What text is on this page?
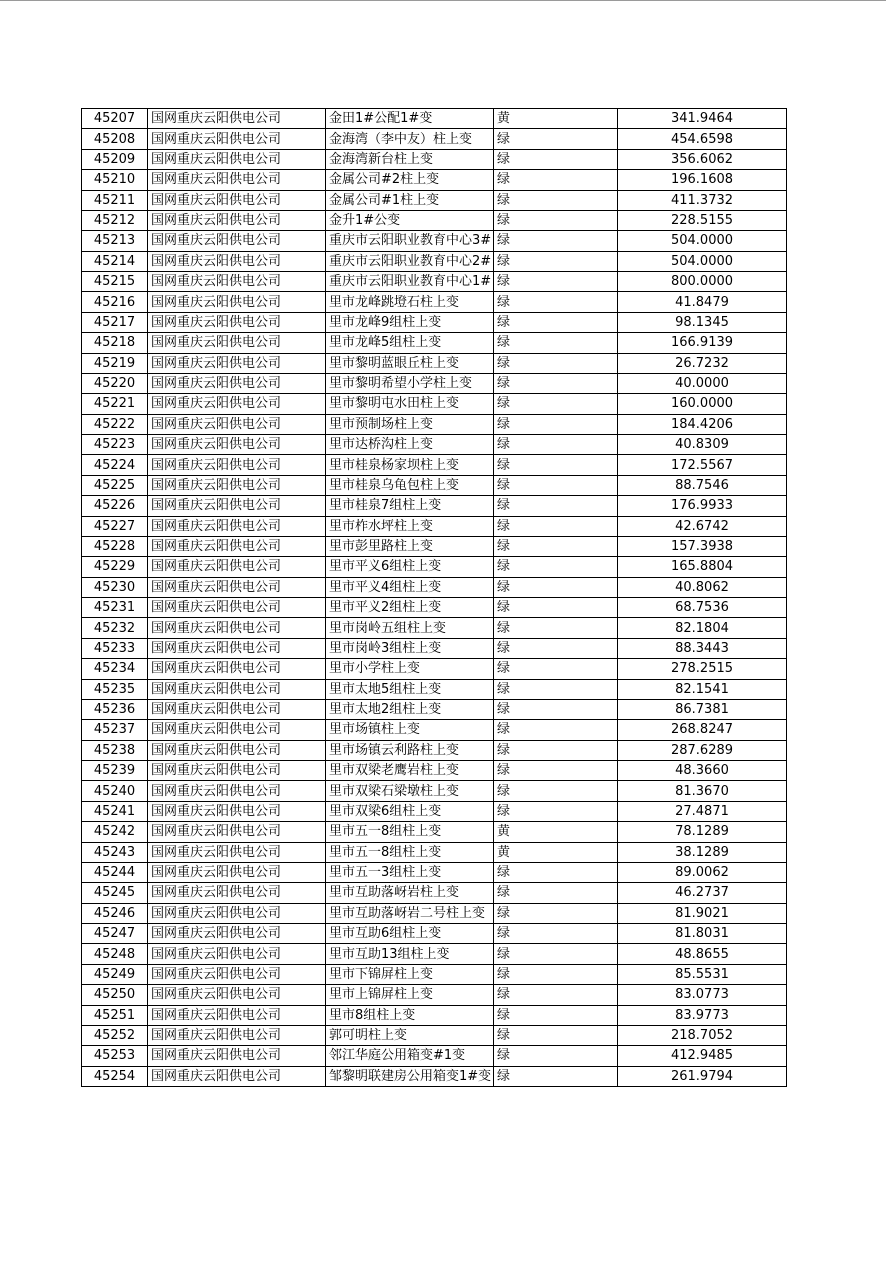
45207	国网重庆云阳供电公司	金田1#公配1#变	黄	341.9464
45208	国网重庆云阳供电公司	金海湾（李中友）柱上变	绿	454.6598
45209	国网重庆云阳供电公司	金海湾新台柱上变	绿	356.6062
45210	国网重庆云阳供电公司	金属公司#2柱上变	绿	196.1608
45211	国网重庆云阳供电公司	金属公司#1柱上变	绿	411.3732
45212	国网重庆云阳供电公司	金升1#公变	绿	228.5155
45213	国网重庆云阳供电公司	重庆市云阳职业教育中心3#	绿	504.0000
45214	国网重庆云阳供电公司	重庆市云阳职业教育中心2#	绿	504.0000
45215	国网重庆云阳供电公司	重庆市云阳职业教育中心1#	绿	800.0000
45216	国网重庆云阳供电公司	里市龙峰跳墱石柱上变	绿	41.8479
45217	国网重庆云阳供电公司	里市龙峰9组柱上变	绿	98.1345
45218	国网重庆云阳供电公司	里市龙峰5组柱上变	绿	166.9139
45219	国网重庆云阳供电公司	里市黎明蓝眼丘柱上变	绿	26.7232
45220	国网重庆云阳供电公司	里市黎明希望小学柱上变	绿	40.0000
45221	国网重庆云阳供电公司	里市黎明屯水田柱上变	绿	160.0000
45222	国网重庆云阳供电公司	里市预制场柱上变	绿	184.4206
45223	国网重庆云阳供电公司	里市达桥沟柱上变	绿	40.8309
45224	国网重庆云阳供电公司	里市桂泉杨家坝柱上变	绿	172.5567
45225	国网重庆云阳供电公司	里市桂泉乌龟包柱上变	绿	88.7546
45226	国网重庆云阳供电公司	里市桂泉7组柱上变	绿	176.9933
45227	国网重庆云阳供电公司	里市柞水坪柱上变	绿	42.6742
45228	国网重庆云阳供电公司	里市彭里路柱上变	绿	157.3938
45229	国网重庆云阳供电公司	里市平义6组柱上变	绿	165.8804
45230	国网重庆云阳供电公司	里市平义4组柱上变	绿	40.8062
45231	国网重庆云阳供电公司	里市平义2组柱上变	绿	68.7536
45232	国网重庆云阳供电公司	里市岗岭五组柱上变	绿	82.1804
45233	国网重庆云阳供电公司	里市岗岭3组柱上变	绿	88.3443
45234	国网重庆云阳供电公司	里市小学柱上变	绿	278.2515
45235	国网重庆云阳供电公司	里市太地5组柱上变	绿	82.1541
45236	国网重庆云阳供电公司	里市太地2组柱上变	绿	86.7381
45237	国网重庆云阳供电公司	里市场镇柱上变	绿	268.8247
45238	国网重庆云阳供电公司	里市场镇云利路柱上变	绿	287.6289
45239	国网重庆云阳供电公司	里市双梁老鹰岩柱上变	绿	48.3660
45240	国网重庆云阳供电公司	里市双梁石梁墩柱上变	绿	81.3670
45241	国网重庆云阳供电公司	里市双梁6组柱上变	绿	27.4871
45242	国网重庆云阳供电公司	里市五一8组柱上变	黄	78.1289
45243	国网重庆云阳供电公司	里市五一8组柱上变	黄	38.1289
45244	国网重庆云阳供电公司	里市五一3组柱上变	绿	89.0062
45245	国网重庆云阳供电公司	里市互助落岈岩柱上变	绿	46.2737
45246	国网重庆云阳供电公司	里市互助落岈岩二号柱上变	绿	81.9021
45247	国网重庆云阳供电公司	里市互助6组柱上变	绿	81.8031
45248	国网重庆云阳供电公司	里市互助13组柱上变	绿	48.8655
45249	国网重庆云阳供电公司	里市下锦屏柱上变	绿	85.5531
45250	国网重庆云阳供电公司	里市上锦屏柱上变	绿	83.0773
45251	国网重庆云阳供电公司	里市8组柱上变	绿	83.9773
45252	国网重庆云阳供电公司	郭可明柱上变	绿	218.7052
45253	国网重庆云阳供电公司	邻江华庭公用箱变#1变	绿	412.9485
45254	国网重庆云阳供电公司	邹黎明联建房公用箱变1#变	绿	261.9794
